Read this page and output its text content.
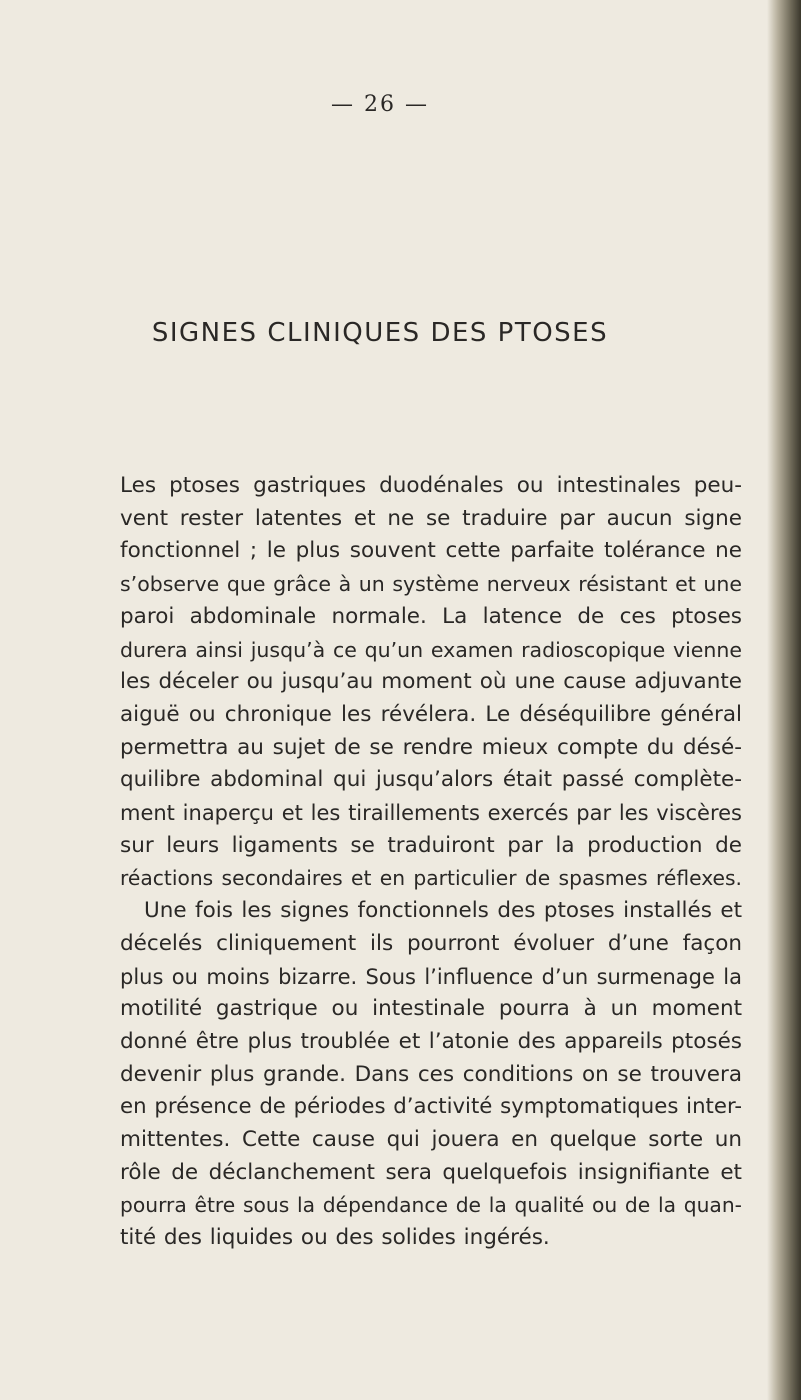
— 26 —
SIGNES CLINIQUES DES PTOSES
Les ptoses gastriques duodénales ou intestinales peu-
vent rester latentes et ne se traduire par aucun signe
fonctionnel ; le plus souvent cette parfaite tolérance ne
s’observe que grâce à un système nerveux résistant et une
paroi abdominale normale. La latence de ces ptoses
durera ainsi jusqu’à ce qu’un examen radioscopique vienne
les déceler ou jusqu’au moment où une cause adjuvante
aiguë ou chronique les révélera. Le déséquilibre général
permettra au sujet de se rendre mieux compte du désé-
quilibre abdominal qui jusqu’alors était passé complète-
ment inaperçu et les tiraillements exercés par les viscères
sur leurs ligaments se traduiront par la production de
réactions secondaires et en particulier de spasmes réflexes.
Une fois les signes fonctionnels des ptoses installés et
décelés cliniquement ils pourront évoluer d’une façon
plus ou moins bizarre. Sous l’influence d’un surmenage la
motilité gastrique ou intestinale pourra à un moment
donné être plus troublée et l’atonie des appareils ptosés
devenir plus grande. Dans ces conditions on se trouvera
en présence de périodes d’activité symptomatiques inter-
mittentes. Cette cause qui jouera en quelque sorte un
rôle de déclanchement sera quelquefois insignifiante et
pourra être sous la dépendance de la qualité ou de la quan-
tité des liquides ou des solides ingérés.
